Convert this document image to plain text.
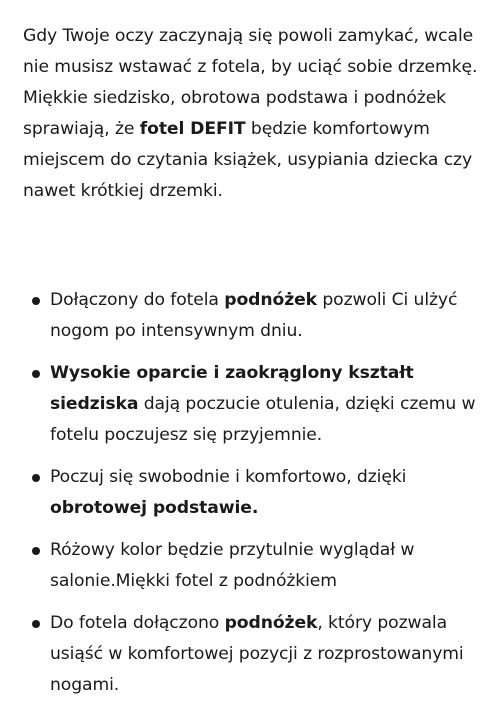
Gdy Twoje oczy zaczynają się powoli zamykać, wcale nie musisz wstawać z fotela, by uciąć sobie drzemkę. Miękkie siedzisko, obrotowa podstawa i podnóżek sprawiają, że fotel DEFIT będzie komfortowym miejscem do czytania książek, usypiania dziecka czy nawet krótkiej drzemki.

Dołączony do fotela podnóżek pozwoli Ci ulżyć nogom po intensywnym dniu.
Wysokie oparcie i zaokrąglony kształt siedziska dają poczucie otulenia, dzięki czemu w fotelu poczujesz się przyjemnie.
Poczuj się swobodnie i komfortowo, dzięki obrotowej podstawie.
Różowy kolor będzie przytulnie wyglądał w salonie.Miękki fotel z podnóżkiem
Do fotela dołączono podnóżek, który pozwala usiąść w komfortowej pozycji z rozprostowanymi nogami.
